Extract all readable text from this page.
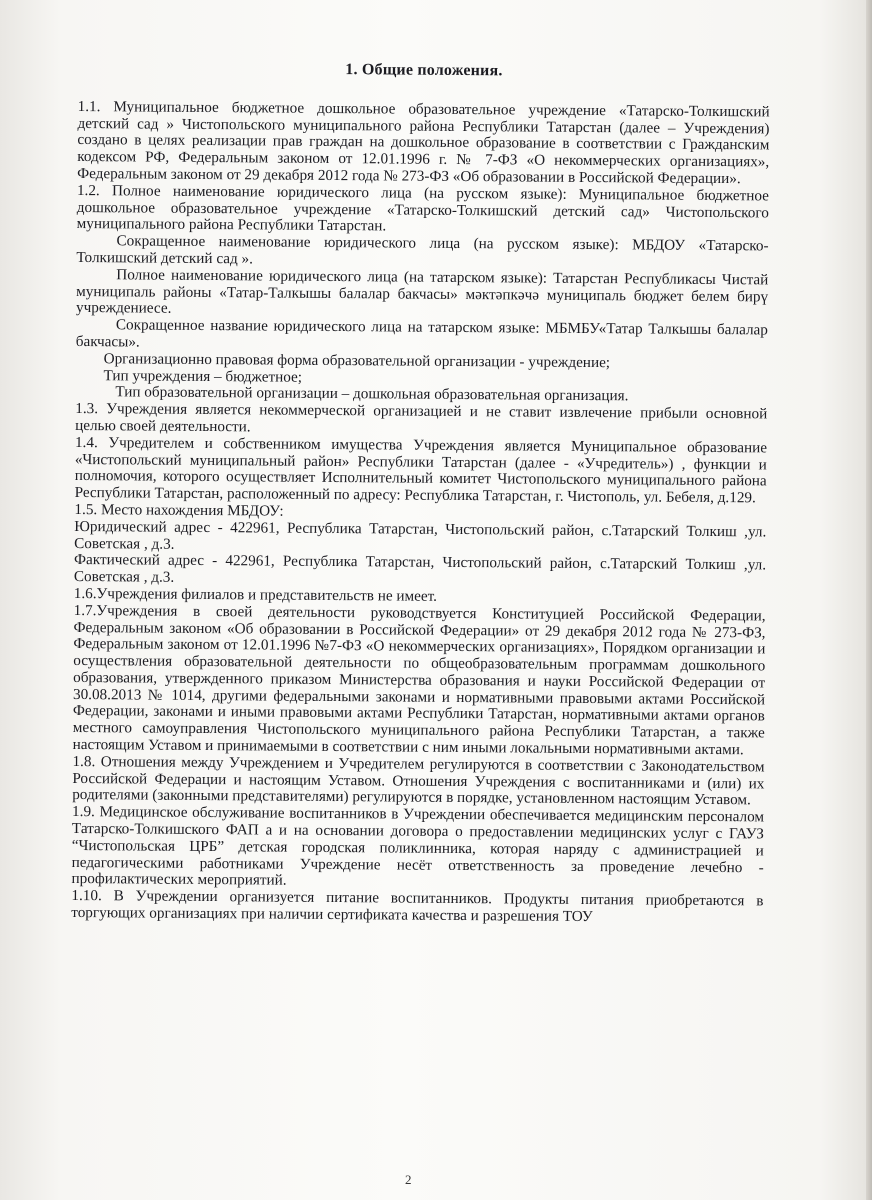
1. Общие положения.

1.1. Муниципальное бюджетное дошкольное образовательное учреждение «Татарско-Толкишский детский сад » Чистопольского муниципального района Республики Татарстан (далее – Учреждения) создано в целях реализации прав граждан на дошкольное образование в соответствии с Гражданским кодексом РФ, Федеральным законом от 12.01.1996 г. № 7-ФЗ «О некоммерческих организациях», Федеральным законом от 29 декабря 2012 года № 273-ФЗ «Об образовании в Российской Федерации».

1.2. Полное наименование юридического лица (на русском языке): Муниципальное бюджетное дошкольное образовательное учреждение «Татарско-Толкишский детский сад» Чистопольского муниципального района Республики Татарстан.

Сокращенное наименование юридического лица (на русском языке): МБДОУ «Татарско-Толкишский детский сад ».

Полное наименование юридического лица (на татарском языке): Татарстан Республикасы Чистай муниципаль районы «Татар-Талкышы балалар бакчасы» мәктәпкәчә муниципаль бюджет белем бирү учреждениесе.

Сокращенное название юридического лица на татарском языке: МБМБУ«Татар Талкышы балалар бакчасы».

Организационно правовая форма образовательной организации - учреждение;

Тип учреждения – бюджетное;

Тип образовательной организации – дошкольная образовательная организация.

1.3. Учреждения является некоммерческой организацией и не ставит извлечение прибыли основной целью своей деятельности.

1.4. Учредителем и собственником имущества Учреждения является Муниципальное образование «Чистопольский муниципальный район» Республики Татарстан (далее - «Учредитель») , функции и полномочия, которого осуществляет Исполнительный комитет Чистопольского муниципального района Республики Татарстан, расположенный по адресу: Республика Татарстан, г. Чистополь, ул. Бебеля, д.129.

1.5. Место нахождения МБДОУ:

Юридический адрес - 422961, Республика Татарстан, Чистопольский район, с.Татарский Толкиш ,ул. Советская , д.3.

Фактический адрес - 422961, Республика Татарстан, Чистопольский район, с.Татарский Толкиш ,ул. Советская , д.3.

1.6.Учреждения филиалов и представительств не имеет.

1.7.Учреждения в своей деятельности руководствуется Конституцией Российской Федерации, Федеральным законом «Об образовании в Российской Федерации» от 29 декабря 2012 года № 273-ФЗ, Федеральным законом от 12.01.1996 №7-ФЗ «О некоммерческих организациях», Порядком организации и осуществления образовательной деятельности по общеобразовательным программам дошкольного образования, утвержденного приказом Министерства образования и науки Российской Федерации от 30.08.2013 № 1014, другими федеральными законами и нормативными правовыми актами Российской Федерации, законами и иными правовыми актами Республики Татарстан, нормативными актами органов местного самоуправления Чистопольского муниципального района Республики Татарстан, а также настоящим Уставом и принимаемыми в соответствии с ним иными локальными нормативными актами.

1.8. Отношения между Учреждением и Учредителем регулируются в соответствии с Законодательством Российской Федерации и настоящим Уставом. Отношения Учреждения с воспитанниками и (или) их родителями (законными представителями) регулируются в порядке, установленном настоящим Уставом.

1.9. Медицинское обслуживание воспитанников в Учреждении обеспечивается медицинским персоналом Татарско-Толкишского ФАП а и на основании договора о предоставлении медицинских услуг с ГАУЗ “Чистопольская ЦРБ” детская городская поликлинника, которая наряду с администрацией и педагогическими работниками Учреждение несёт ответственность за проведение лечебно - профилактических мероприятий.

1.10. В Учреждении организуется питание воспитанников. Продукты питания приобретаются в торгующих организациях при наличии сертификата качества и разрешения ТОУ

2
